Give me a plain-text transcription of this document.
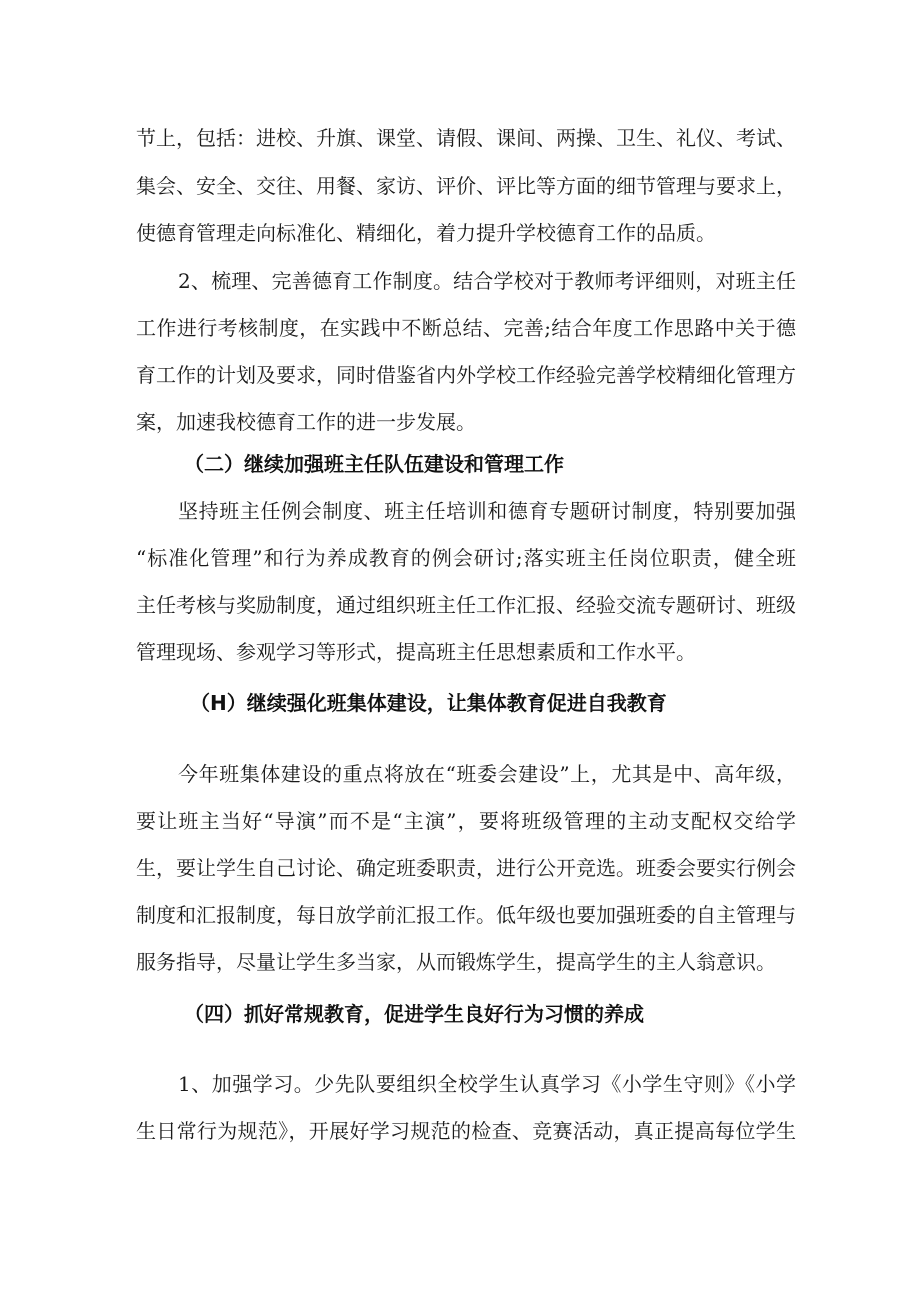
节上，包括：进校、升旗、课堂、请假、课间、两操、卫生、礼仪、考试、
集会、安全、交往、用餐、家访、评价、评比等方面的细节管理与要求上，
使德育管理走向标准化、精细化，着力提升学校德育工作的品质。
2、梳理、完善德育工作制度。结合学校对于教师考评细则，对班主任
工作进行考核制度，在实践中不断总结、完善;结合年度工作思路中关于德
育工作的计划及要求，同时借鉴省内外学校工作经验完善学校精细化管理方
案，加速我校德育工作的进一步发展。
（二）继续加强班主任队伍建设和管理工作
坚持班主任例会制度、班主任培训和德育专题研讨制度，特别要加强
“标准化管理”和行为养成教育的例会研讨;落实班主任岗位职责，健全班
主任考核与奖励制度，通过组织班主任工作汇报、经验交流专题研讨、班级
管理现场、参观学习等形式，提高班主任思想素质和工作水平。
（H）继续强化班集体建设，让集体教育促进自我教育
今年班集体建设的重点将放在“班委会建设”上，尤其是中、高年级，
要让班主当好“导演”而不是“主演”，要将班级管理的主动支配权交给学
生，要让学生自己讨论、确定班委职责，进行公开竞选。班委会要实行例会
制度和汇报制度，每日放学前汇报工作。低年级也要加强班委的自主管理与
服务指导，尽量让学生多当家，从而锻炼学生，提高学生的主人翁意识。
（四）抓好常规教育，促进学生良好行为习惯的养成
1、加强学习。少先队要组织全校学生认真学习《小学生守则》《小学
生日常行为规范》，开展好学习规范的检查、竞赛活动，真正提高每位学生
